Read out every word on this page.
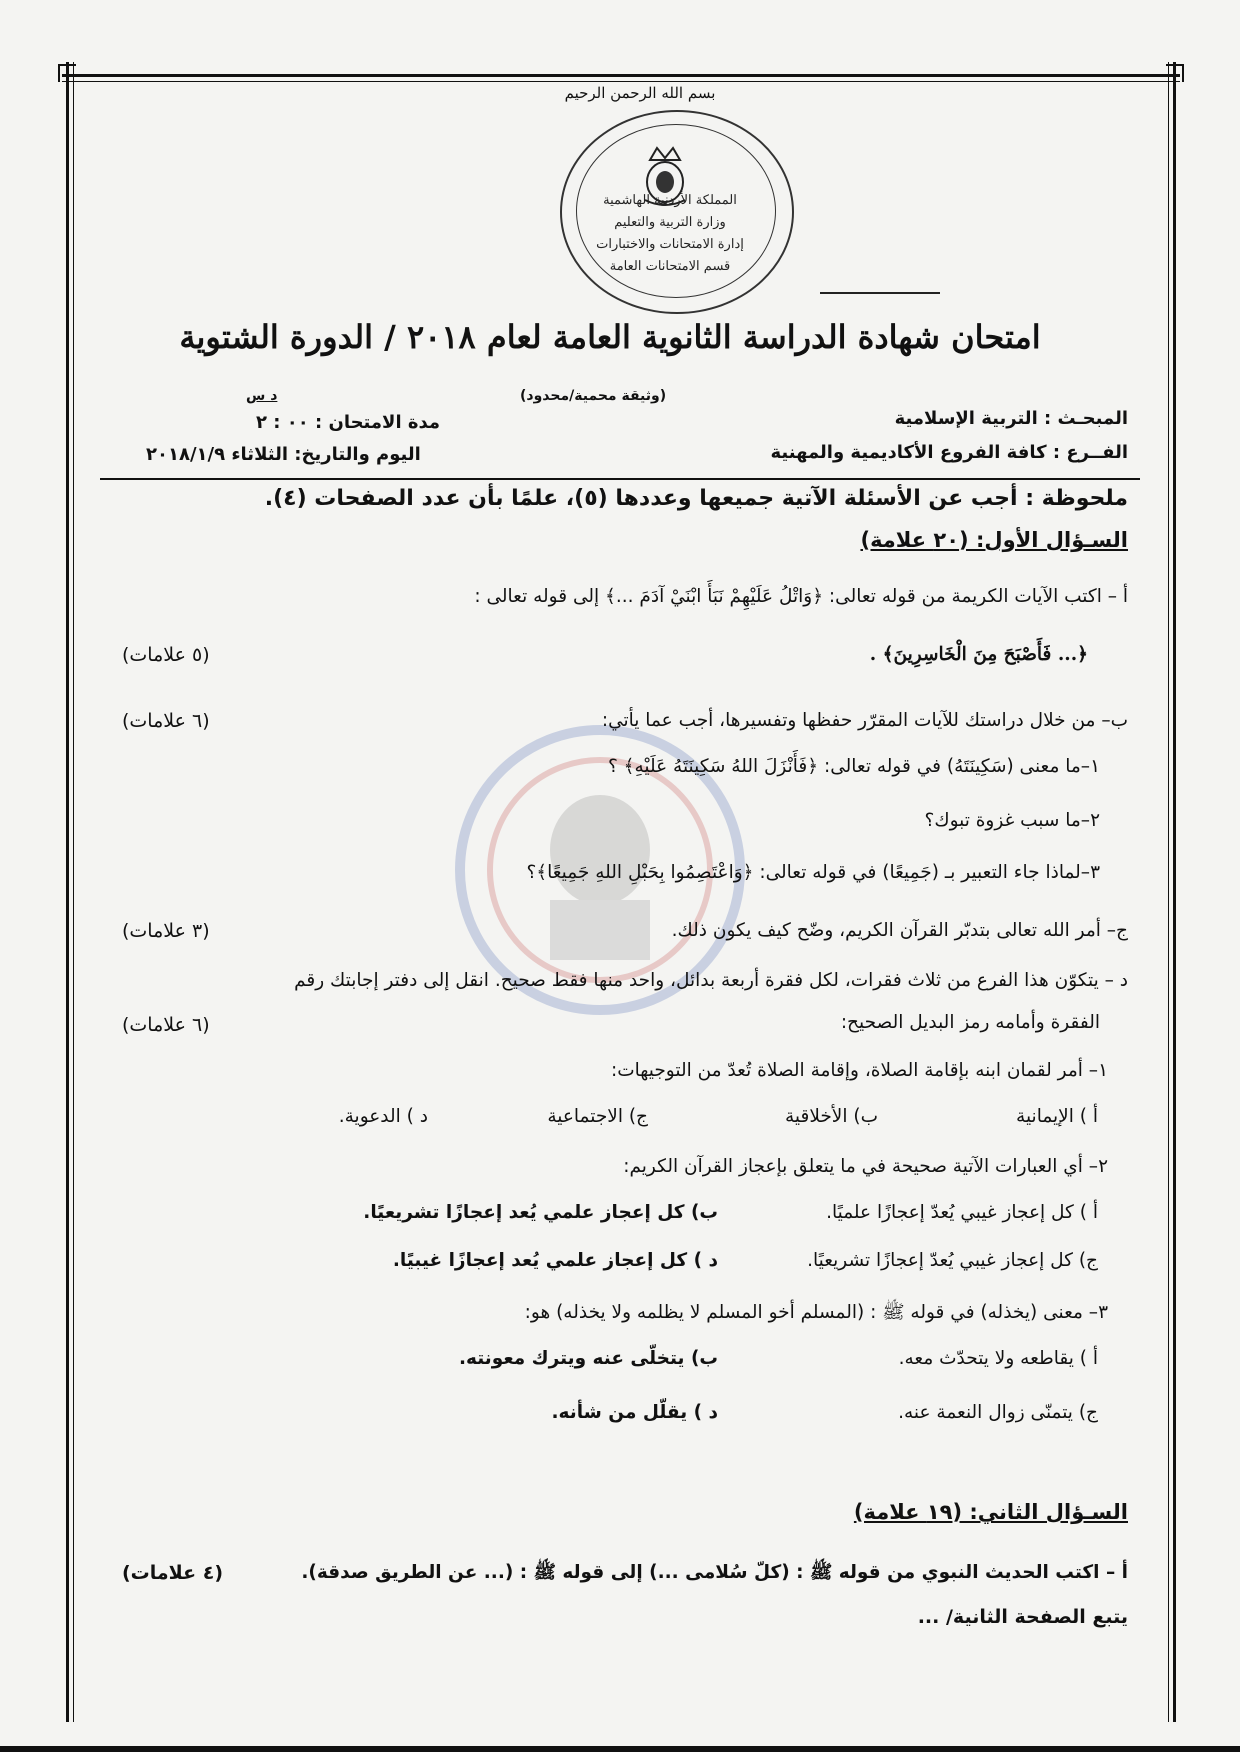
بسم الله الرحمن الرحيم
المملكة الأردنية الهاشمية
وزارة التربية والتعليم
إدارة الامتحانات والاختبارات
قسم الامتحانات العامة
امتحان شهادة الدراسة الثانوية العامة لعام ٢٠١٨ / الدورة الشتوية
(وثيقة محمية/محدود)
د س
المبحـث : التربية الإسلامية
الفــرع : كافة الفروع الأكاديمية والمهنية
مدة الامتحان : ٠٠ : ٢
اليوم والتاريخ: الثلاثاء ٢٠١٨/١/٩
ملحوظة : أجب عن الأسئلة الآتية جميعها وعددها (٥)، علمًا بأن عدد الصفحات (٤).
السـؤال الأول: (٢٠ علامة)
أ – اكتب الآيات الكريمة من قوله تعالى: ﴿وَاتْلُ عَلَيْهِمْ نَبَأَ ابْنَيْ آدَمَ ...﴾ إلى قوله تعالى :
﴿... فَأَصْبَحَ مِنَ الْخَاسِرِينَ﴾ .
(٥ علامات)
ب– من خلال دراستك للآيات المقرّر حفظها وتفسيرها، أجب عما يأتي:
(٦ علامات)
١–ما معنى (سَكِينَتَهُ) في قوله تعالى: ﴿فَأَنْزَلَ اللهُ سَكِينَتَهُ عَلَيْهِ﴾ ؟
٢–ما سبب غزوة تبوك؟
٣–لماذا جاء التعبير بـ (جَمِيعًا) في قوله تعالى: ﴿وَاعْتَصِمُوا بِحَبْلِ اللهِ جَمِيعًا﴾؟
ج– أمر الله تعالى بتدبّر القرآن الكريم، وضّح كيف يكون ذلك.
(٣ علامات)
د – يتكوّن هذا الفرع من ثلاث فقرات، لكل فقرة أربعة بدائل، واحد منها فقط صحيح. انقل إلى دفتر إجابتك رقم
الفقرة وأمامه رمز البديل الصحيح:
(٦ علامات)
١– أمر لقمان ابنه بإقامة الصلاة، وإقامة الصلاة تُعدّ من التوجيهات:
أ ) الإيمانية
ب) الأخلاقية
ج) الاجتماعية
د ) الدعوية.
٢– أي العبارات الآتية صحيحة في ما يتعلق بإعجاز القرآن الكريم:
أ ) كل إعجاز غيبي يُعدّ إعجازًا علميًا.
ب) كل إعجاز علمي يُعد إعجازًا تشريعيًا.
ج) كل إعجاز غيبي يُعدّ إعجازًا تشريعيًا.
د ) كل إعجاز علمي يُعد إعجازًا غيبيًا.
٣– معنى (يخذله) في قوله ﷺ : (المسلم أخو المسلم لا يظلمه ولا يخذله) هو:
أ ) يقاطعه ولا يتحدّث معه.
ب) يتخلّى عنه ويترك معونته.
ج) يتمنّى زوال النعمة عنه.
د ) يقلّل من شأنه.
السـؤال الثاني: (١٩ علامة)
أ – اكتب الحديث النبوي من قوله ﷺ : (كلّ سُلامى ...) إلى قوله ﷺ : (... عن الطريق صدقة).
(٤ علامات)
يتبع الصفحة الثانية/ ...
